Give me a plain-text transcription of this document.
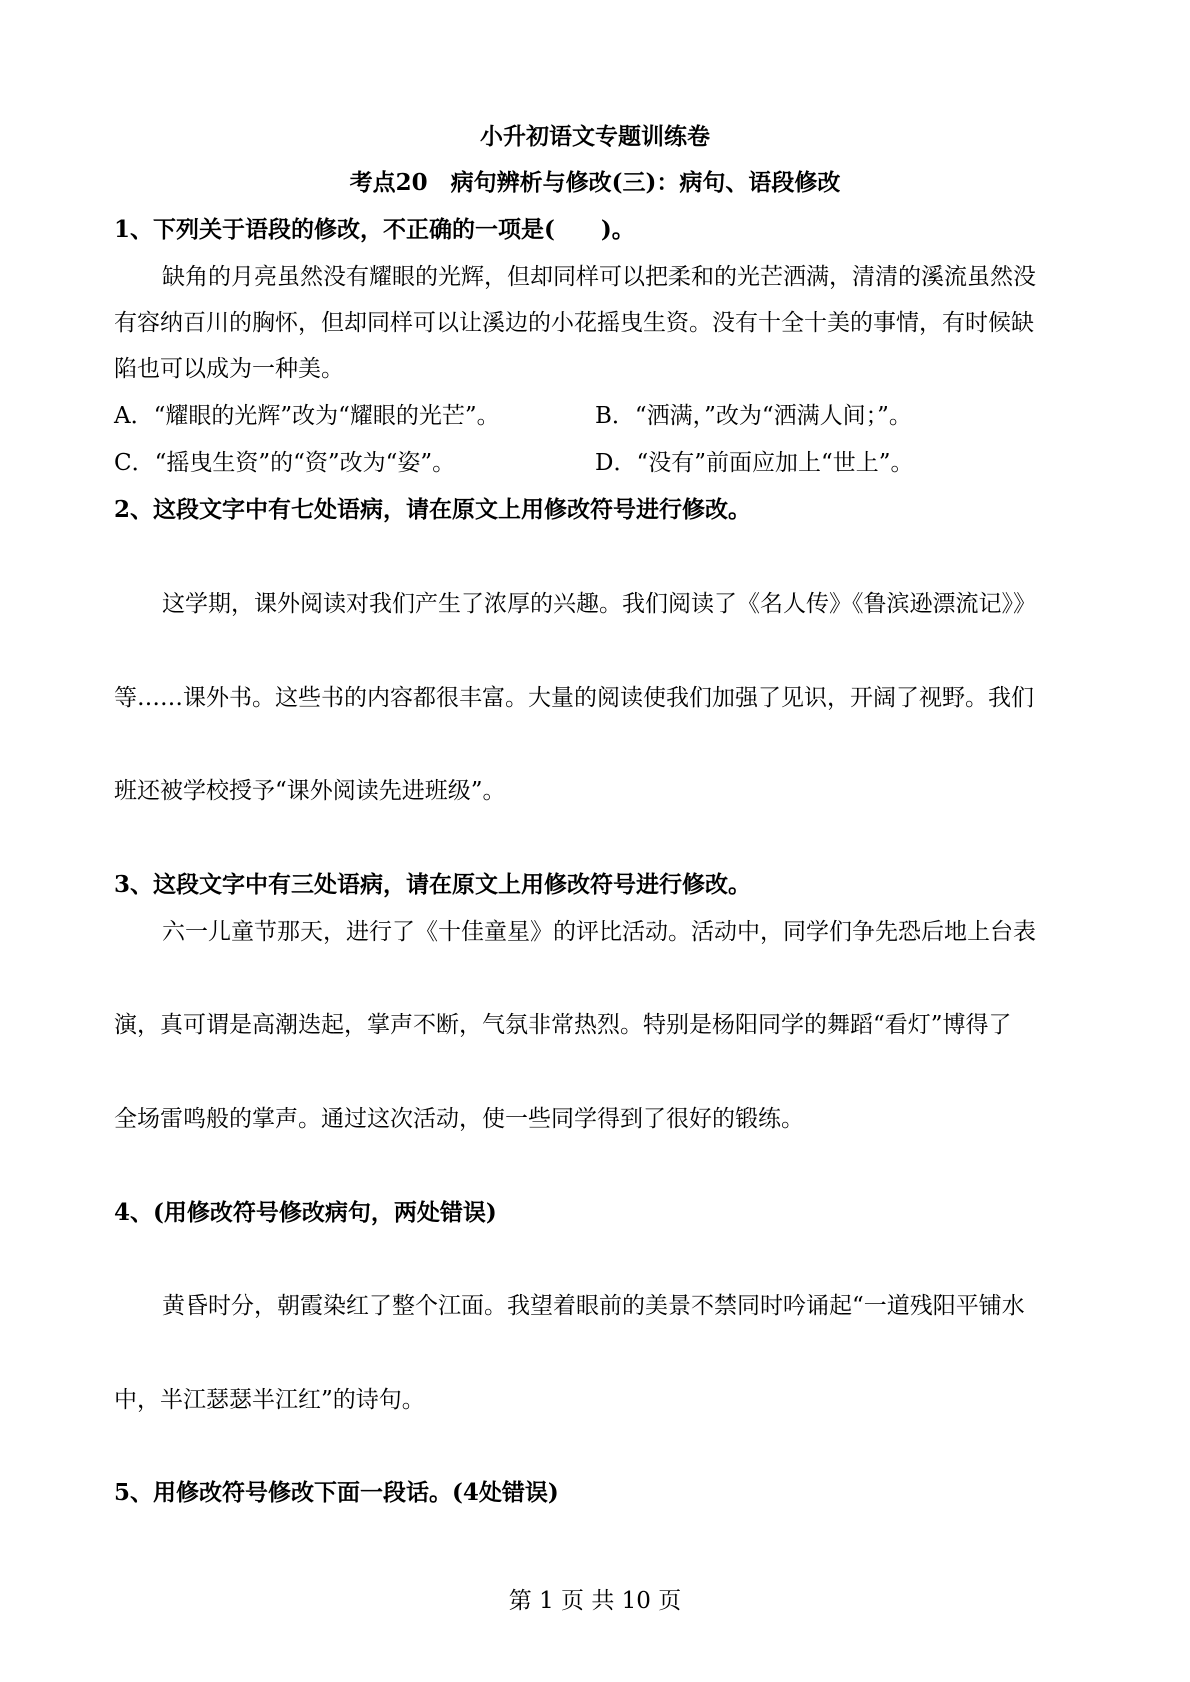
小升初语文专题训练卷
考点20　病句辨析与修改(三)：病句、语段修改
1、下列关于语段的修改，不正确的一项是(　　)。
缺角的月亮虽然没有耀眼的光辉，但却同样可以把柔和的光芒洒满，清清的溪流虽然没
有容纳百川的胸怀，但却同样可以让溪边的小花摇曳生资。没有十全十美的事情，有时候缺
陷也可以成为一种美。
A．“耀眼的光辉”改为“耀眼的光芒”。	B．“洒满，”改为“洒满人间；”。
C．“摇曳生资”的“资”改为“姿”。	D．“没有”前面应加上“世上”。
2、这段文字中有七处语病，请在原文上用修改符号进行修改。
这学期，课外阅读对我们产生了浓厚的兴趣。我们阅读了《名人传》《鲁滨逊漂流记》》
等……课外书。这些书的内容都很丰富。大量的阅读使我们加强了见识，开阔了视野。我们
班还被学校授予“课外阅读先进班级”。
3、这段文字中有三处语病，请在原文上用修改符号进行修改。
六一儿童节那天，进行了《十佳童星》的评比活动。活动中，同学们争先恐后地上台表
演，真可谓是高潮迭起，掌声不断，气氛非常热烈。特别是杨阳同学的舞蹈“看灯”博得了
全场雷鸣般的掌声。通过这次活动，使一些同学得到了很好的锻练。
4、(用修改符号修改病句，两处错误)
黄昏时分，朝霞染红了整个江面。我望着眼前的美景不禁同时吟诵起“一道残阳平铺水
中，半江瑟瑟半江红”的诗句。
5、用修改符号修改下面一段话。(4处错误)
第 1 页 共 10 页
